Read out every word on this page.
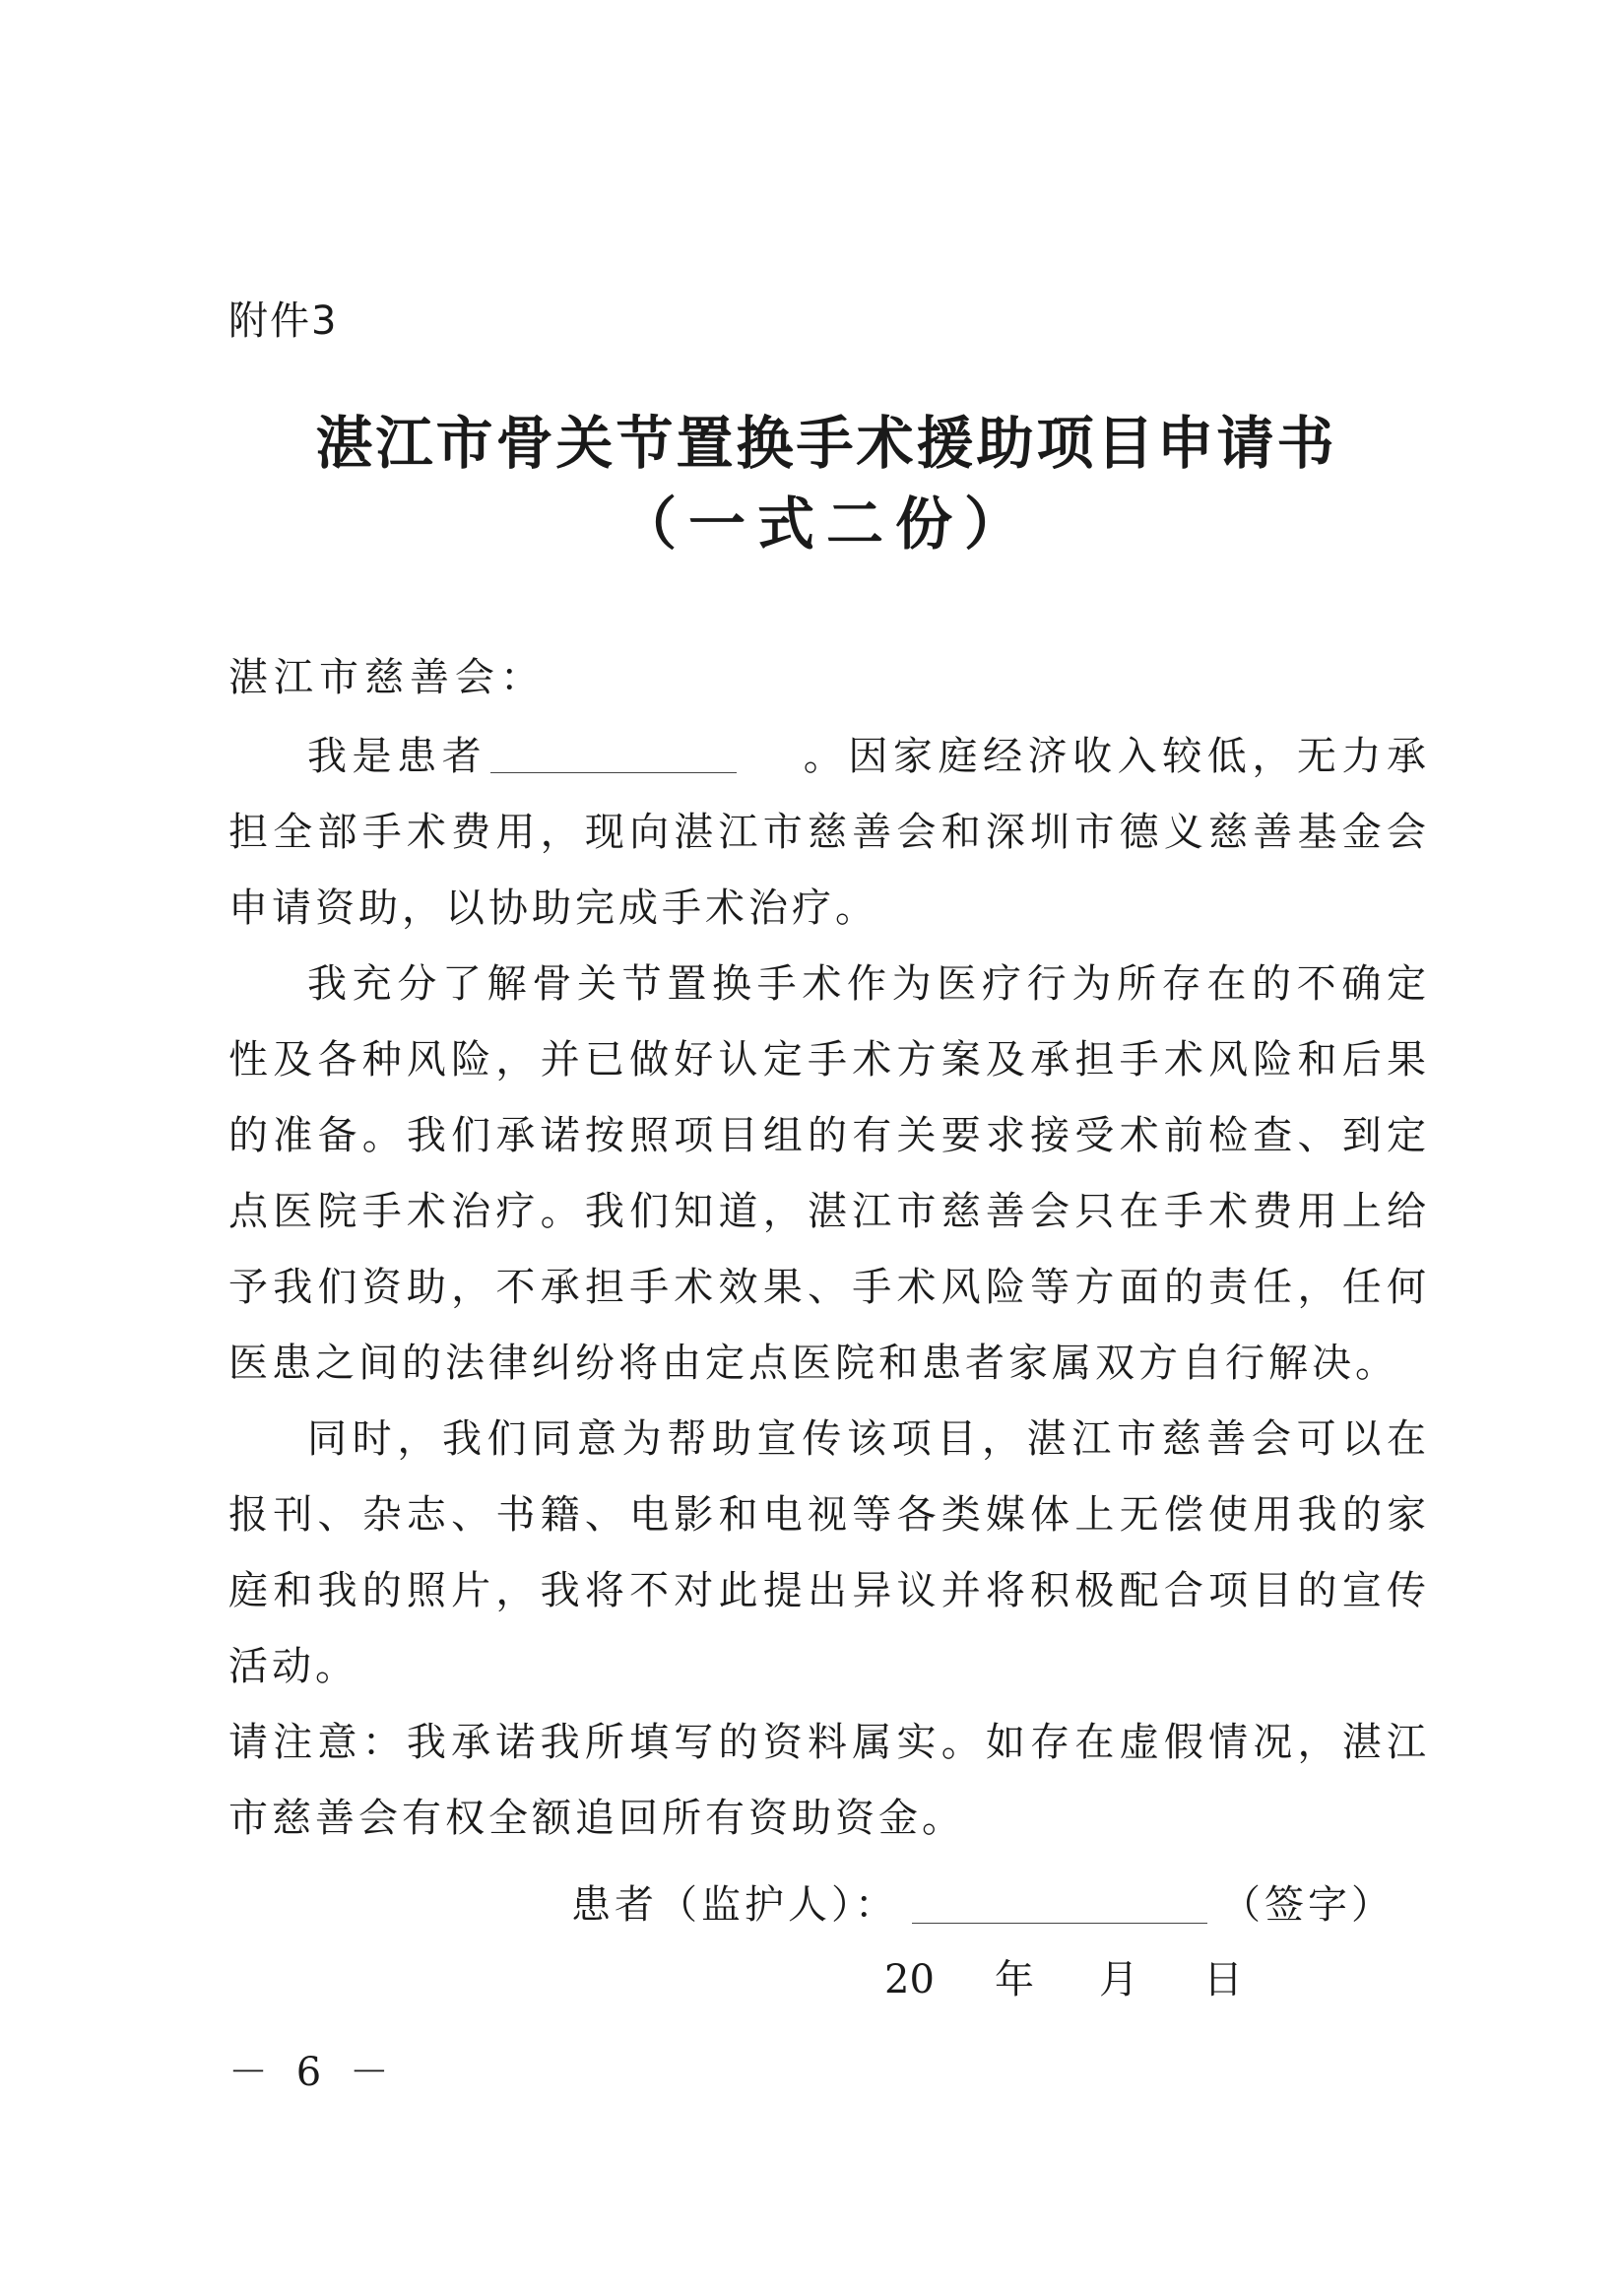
附件3
湛江市骨关节置换手术援助项目申请书
（一式二份）
湛江市慈善会：

我是患者	。因家庭经济收入较低，无力承担全部手术费用，现向湛江市慈善会和深圳市德义慈善基金会申请资助，以协助完成手术治疗。

我充分了解骨关节置换手术作为医疗行为所存在的不确定性及各种风险，并已做好认定手术方案及承担手术风险和后果的准备。我们承诺按照项目组的有关要求接受术前检查、到定点医院手术治疗。我们知道，湛江市慈善会只在手术费用上给予我们资助，不承担手术效果、手术风险等方面的责任，任何医患之间的法律纠纷将由定点医院和患者家属双方自行解决。

同时，我们同意为帮助宣传该项目，湛江市慈善会可以在报刊、杂志、书籍、电影和电视等各类媒体上无偿使用我的家庭和我的照片，我将不对此提出异议并将积极配合项目的宣传活动。

请注意：我承诺我所填写的资料属实。如存在虚假情况，湛江市慈善会有权全额追回所有资助资金。

患者（监护人）：	（签字）
20 年 月 日
－ 6 －
